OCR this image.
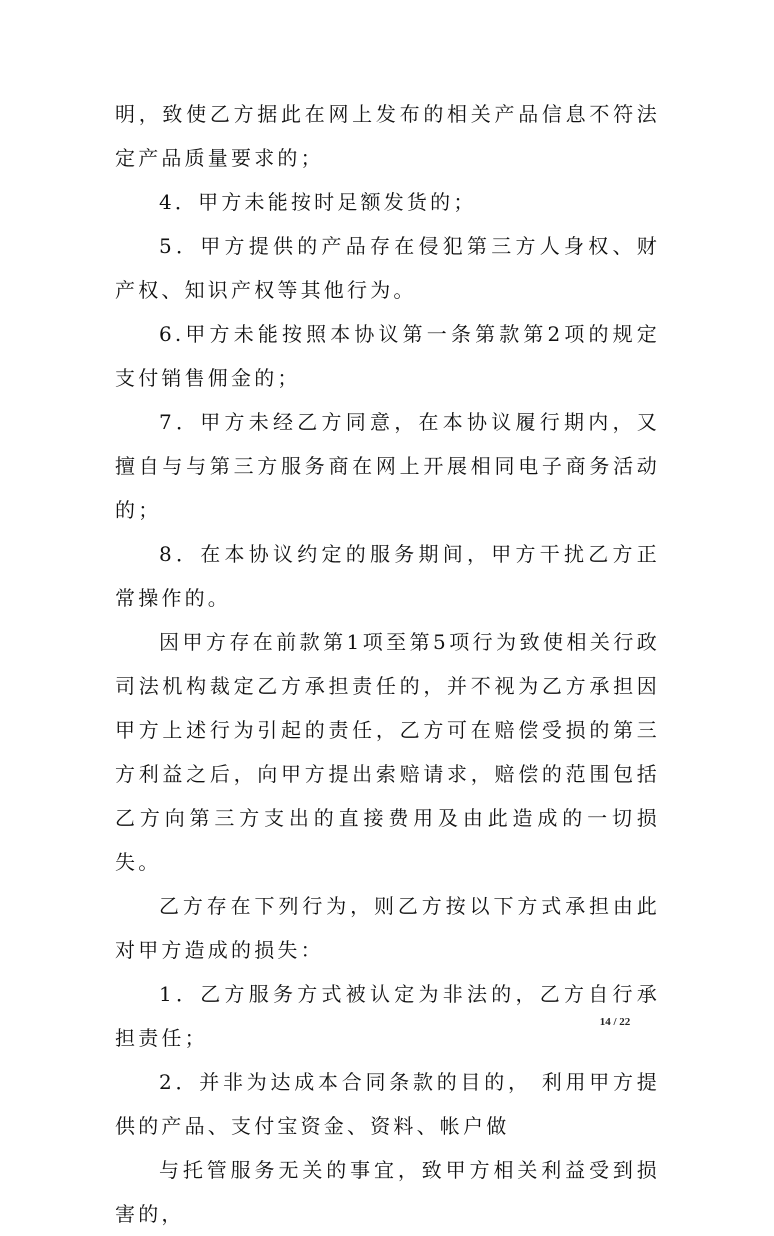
明，致使乙方据此在网上发布的相关产品信息不符法定产品质量要求的；

4．甲方未能按时足额发货的；

5．甲方提供的产品存在侵犯第三方人身权、财产权、知识产权等其他行为。

6.甲方未能按照本协议第一条第款第2项的规定支付销售佣金的；

7．甲方未经乙方同意，在本协议履行期内，又擅自与与第三方服务商在网上开展相同电子商务活动的；

8．在本协议约定的服务期间，甲方干扰乙方正常操作的。

因甲方存在前款第1项至第5项行为致使相关行政司法机构裁定乙方承担责任的，并不视为乙方承担因甲方上述行为引起的责任，乙方可在赔偿受损的第三方利益之后，向甲方提出索赔请求，赔偿的范围包括乙方向第三方支出的直接费用及由此造成的一切损失。

乙方存在下列行为，则乙方按以下方式承担由此对甲方造成的损失：

1．乙方服务方式被认定为非法的，乙方自行承担责任；

2．并非为达成本合同条款的目的， 利用甲方提供的产品、支付宝资金、资料、帐户做

与托管服务无关的事宜，致甲方相关利益受到损害的，

14 / 22
